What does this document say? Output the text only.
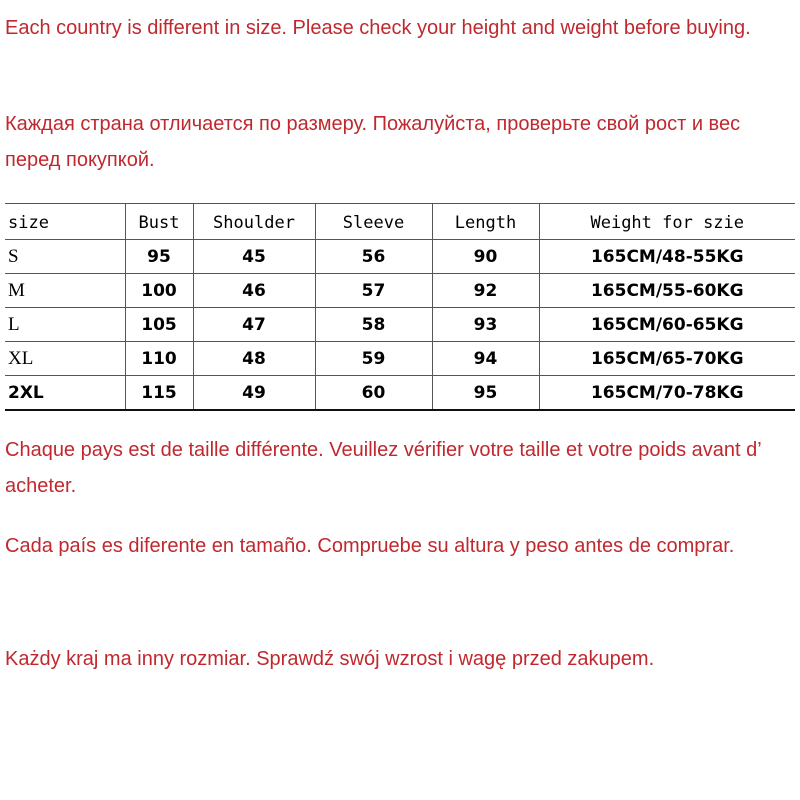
Each country is different in size. Please check your height and weight before buying.

Каждая страна отличается по размеру. Пожалуйста, проверьте свой рост и вес перед покупкой.

size	Bust	Shoulder	Sleeve	Length	Weight for szie
S	95	45	56	90	165CM/48-55KG
M	100	46	57	92	165CM/55-60KG
L	105	47	58	93	165CM/60-65KG
XL	110	48	59	94	165CM/65-70KG
2XL	115	49	60	95	165CM/70-78KG

Chaque pays est de taille différente. Veuillez vérifier votre taille et votre poids avant d’ acheter.

Cada país es diferente en tamaño. Compruebe su altura y peso antes de comprar.

Każdy kraj ma inny rozmiar. Sprawdź swój wzrost i wagę przed zakupem.
